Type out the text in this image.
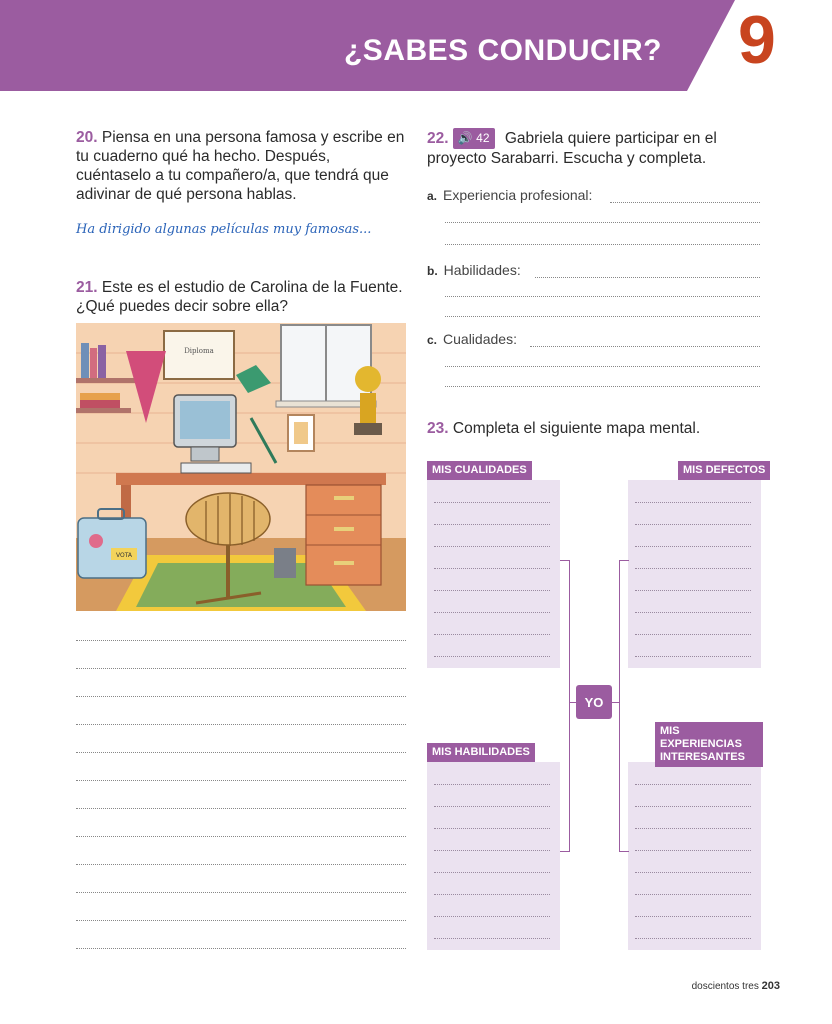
¿SABES CONDUCIR? 9
20. Piensa en una persona famosa y escribe en tu cuaderno qué ha hecho. Después, cuéntaselo a tu compañero/a, que tendrá que adivinar de qué persona hablas.
Ha dirigido algunas películas muy famosas...
21. Este es el estudio de Carolina de la Fuente. ¿Qué puedes decir sobre ella?
Diploma
VOTA
22. 🔊 42 Gabriela quiere participar en el proyecto Sarabarri. Escucha y completa.
a. Experiencia profesional:
b. Habilidades:
c. Cualidades:
23. Completa el siguiente mapa mental.
MIS CUALIDADES	MIS DEFECTOS
MIS HABILIDADES
MIS EXPERIENCIAS INTERESANTES
YO
doscientos tres 203
